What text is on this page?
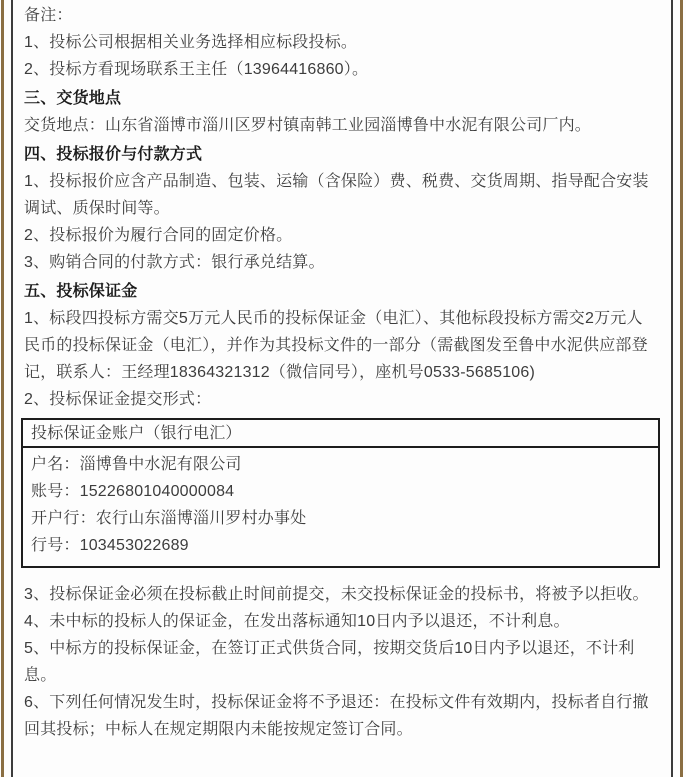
备注：

1、投标公司根据相关业务选择相应标段投标。

2、投标方看现场联系王主任（13964416860）。

三、交货地点

交货地点：山东省淄博市淄川区罗村镇南韩工业园淄博鲁中水泥有限公司厂内。

四、投标报价与付款方式

1、投标报价应含产品制造、包装、运输（含保险）费、税费、交货周期、指导配合安装调试、质保时间等。

2、投标报价为履行合同的固定价格。

3、购销合同的付款方式：银行承兑结算。

五、投标保证金

1、标段四投标方需交5万元人民币的投标保证金（电汇）、其他标段投标方需交2万元人民币的投标保证金（电汇），并作为其投标文件的一部分（需截图发至鲁中水泥供应部登记，联系人：王经理18364321312（微信同号），座机号0533-5685106)

2、投标保证金提交形式：

投标保证金账户（银行电汇）

户名：淄博鲁中水泥有限公司

账号：15226801040000084

开户行：农行山东淄博淄川罗村办事处

行号：103453022689

3、投标保证金必须在投标截止时间前提交，未交投标保证金的投标书，将被予以拒收。

4、未中标的投标人的保证金，在发出落标通知10日内予以退还，不计利息。

5、中标方的投标保证金，在签订正式供货合同，按期交货后10日内予以退还，不计利息。

6、下列任何情况发生时，投标保证金将不予退还：在投标文件有效期内，投标者自行撤回其投标；中标人在规定期限内未能按规定签订合同。
